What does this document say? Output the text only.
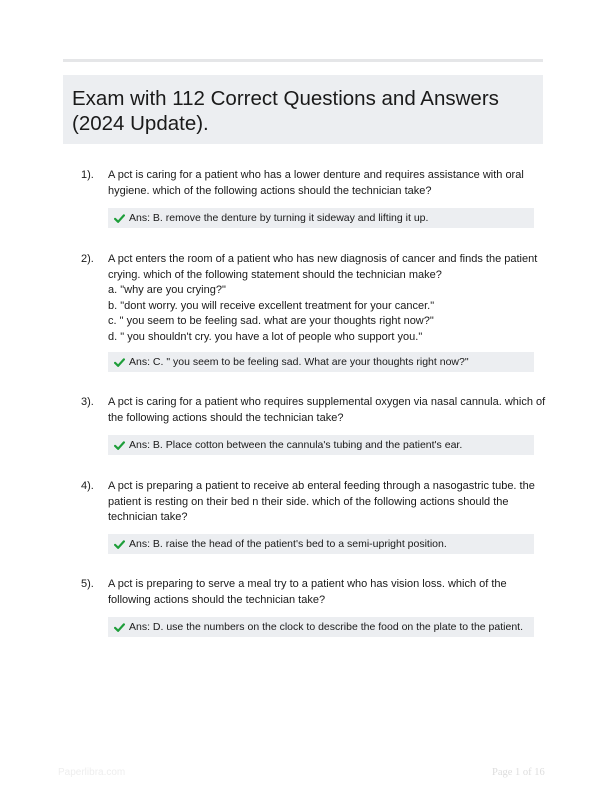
Exam with 112 Correct Questions and Answers
(2024 Update).
1). A pct is caring for a patient who has a lower denture and requires assistance with oral
hygiene. which of the following actions should the technician take?
Ans: B. remove the denture by turning it sideway and lifting it up.
2). A pct enters the room of a patient who has new diagnosis of cancer and finds the patient
crying. which of the following statement should the technician make?
a. "why are you crying?"
b. "dont worry. you will receive excellent treatment for your cancer."
c. " you seem to be feeling sad. what are your thoughts right now?"
d. " you shouldn't cry. you have a lot of people who support you."
Ans: C. " you seem to be feeling sad. What are your thoughts right now?"
3). A pct is caring for a patient who requires supplemental oxygen via nasal cannula. which of
the following actions should the technician take?
Ans: B. Place cotton between the cannula's tubing and the patient's ear.
4). A pct is preparing a patient to receive ab enteral feeding through a nasogastric tube. the
patient is resting on their bed n their side. which of the following actions should the
technician take?
Ans: B. raise the head of the patient's bed to a semi-upright position.
5). A pct is preparing to serve a meal try to a patient who has vision loss. which of the
following actions should the technician take?
Ans: D. use the numbers on the clock to describe the food on the plate to the patient.
Paperlibra.com	Page 1 of 16
